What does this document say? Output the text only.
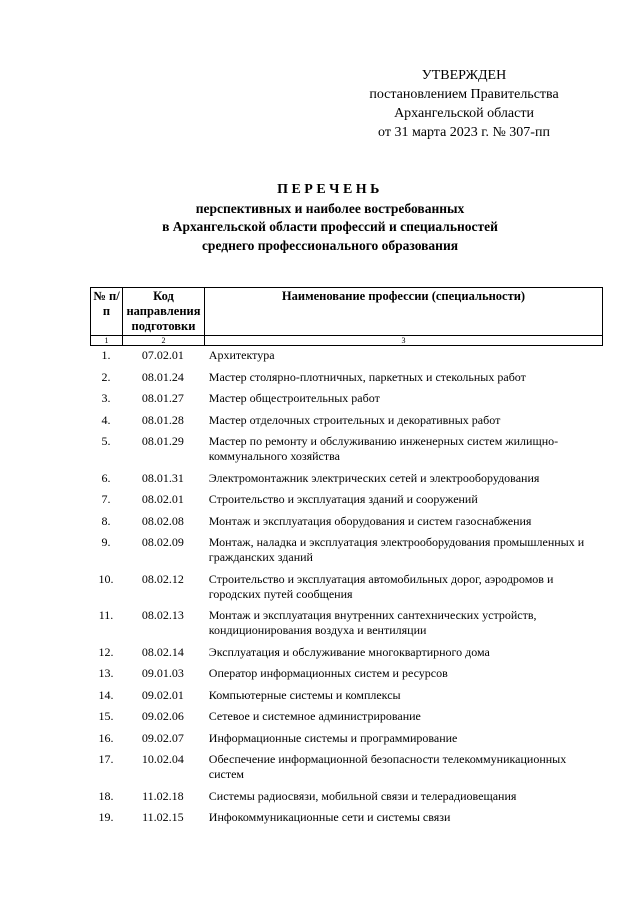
УТВЕРЖДЕН
постановлением Правительства
Архангельской области
от 31 марта 2023 г. № 307-пп
ПЕРЕЧЕНЬ
перспективных и наиболее востребованных
в Архангельской области профессий и специальностей
среднего профессионального образования
№ п/п	Код направления подготовки	Наименование профессии (специальности)
1	2	3
1.	07.02.01	Архитектура
2.	08.01.24	Мастер столярно-плотничных, паркетных и стекольных работ
3.	08.01.27	Мастер общестроительных работ
4.	08.01.28	Мастер отделочных строительных и декоративных работ
5.	08.01.29	Мастер по ремонту и обслуживанию инженерных систем жилищно-коммунального хозяйства
6.	08.01.31	Электромонтажник электрических сетей и электрооборудования
7.	08.02.01	Строительство и эксплуатация зданий и сооружений
8.	08.02.08	Монтаж и эксплуатация оборудования и систем газоснабжения
9.	08.02.09	Монтаж, наладка и эксплуатация электрооборудования промышленных и гражданских зданий
10.	08.02.12	Строительство и эксплуатация автомобильных дорог, аэродромов и городских путей сообщения
11.	08.02.13	Монтаж и эксплуатация внутренних сантехнических устройств, кондиционирования воздуха и вентиляции
12.	08.02.14	Эксплуатация и обслуживание многоквартирного дома
13.	09.01.03	Оператор информационных систем и ресурсов
14.	09.02.01	Компьютерные системы и комплексы
15.	09.02.06	Сетевое и системное администрирование
16.	09.02.07	Информационные системы и программирование
17.	10.02.04	Обеспечение информационной безопасности телекоммуникационных систем
18.	11.02.18	Системы радиосвязи, мобильной связи и телерадиовещания
19.	11.02.15	Инфокоммуникационные сети и системы связи
